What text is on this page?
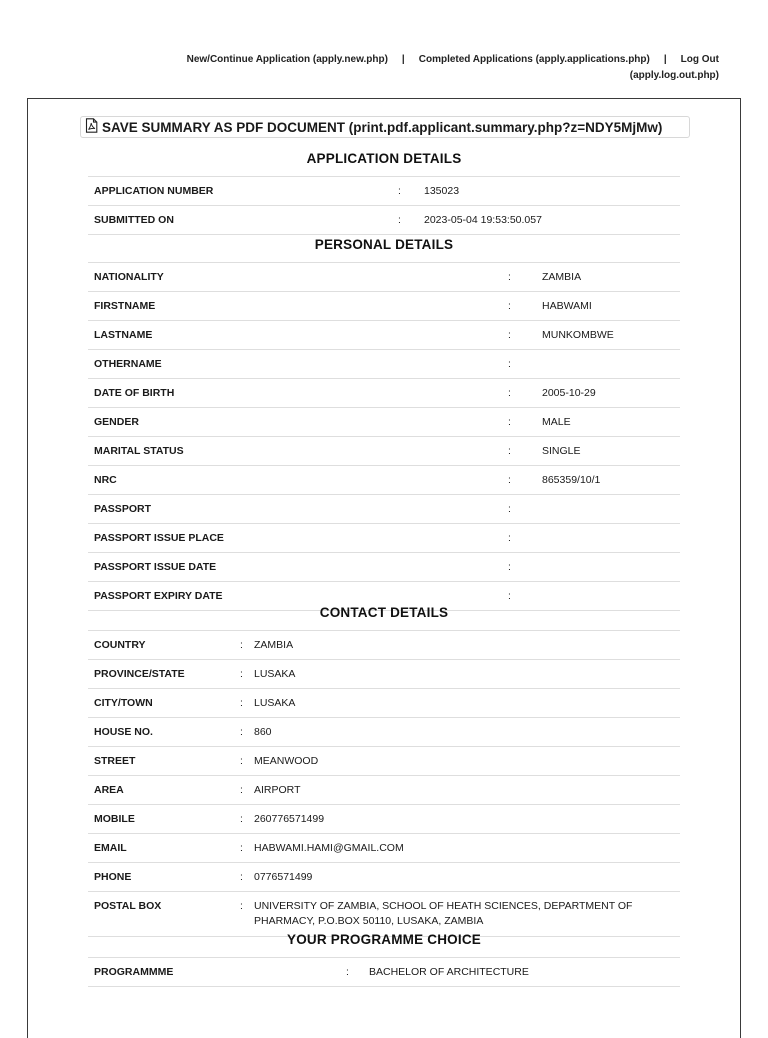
New/Continue Application (apply.new.php) | Completed Applications (apply.applications.php) | Log Out
(apply.log.out.php)
SAVE SUMMARY AS PDF DOCUMENT (print.pdf.applicant.summary.php?z=NDY5MjMw)
APPLICATION DETAILS
APPLICATION NUMBER	: 135023
SUBMITTED ON	: 2023-05-04 19:53:50.057
PERSONAL DETAILS
NATIONALITY	:	ZAMBIA
FIRSTNAME	:	HABWAMI
LASTNAME	:	MUNKOMBWE
OTHERNAME	:
DATE OF BIRTH	:	2005-10-29
GENDER	:	MALE
MARITAL STATUS	:	SINGLE
NRC	:	865359/10/1
PASSPORT	:
PASSPORT ISSUE PLACE	:
PASSPORT ISSUE DATE	:
PASSPORT EXPIRY DATE	:
CONTACT DETAILS
COUNTRY	: ZAMBIA
PROVINCE/STATE	: LUSAKA
CITY/TOWN	: LUSAKA
HOUSE NO.	: 860
STREET	: MEANWOOD
AREA	: AIRPORT
MOBILE	: 260776571499
EMAIL	: HABWAMI.HAMI@GMAIL.COM
PHONE	: 0776571499
POSTAL BOX	: UNIVERSITY OF ZAMBIA, SCHOOL OF HEATH SCIENCES, DEPARTMENT OF PHARMACY, P.O.BOX 50110, LUSAKA, ZAMBIA
YOUR PROGRAMME CHOICE
PROGRAMMME	: BACHELOR OF ARCHITECTURE
